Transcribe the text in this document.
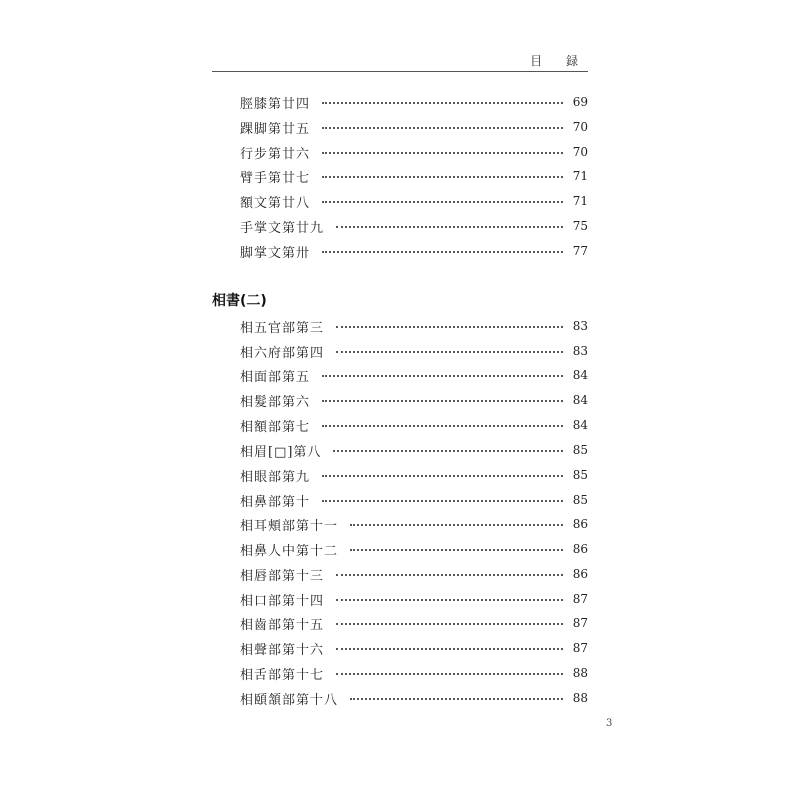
目 録
脛膝第廿四	69
踝脚第廿五	70
行步第廿六	70
臂手第廿七	71
額文第廿八	71
手掌文第廿九	75
脚掌文第卅	77
相書(二)
相五官部第三	83
相六府部第四	83
相面部第五	84
相髮部第六	84
相額部第七	84
相眉[□]第八	85
相眼部第九	85
相鼻部第十	85
相耳頰部第十一	86
相鼻人中第十二	86
相唇部第十三	86
相口部第十四	87
相齒部第十五	87
相聲部第十六	87
相舌部第十七	88
相頤頷部第十八	88
3
